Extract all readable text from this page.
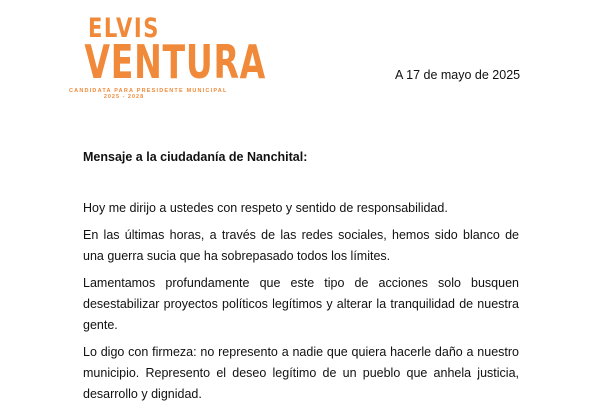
ELVIS
VENTURA
CANDIDATA PARA PRESIDENTE MUNICIPAL
2025 - 2028
A 17 de mayo de 2025
Mensaje a la ciudadanía de Nanchital:

Hoy me dirijo a ustedes con respeto y sentido de responsabilidad.

En las últimas horas, a través de las redes sociales, hemos sido blanco de una guerra sucia que ha sobrepasado todos los límites.

Lamentamos profundamente que este tipo de acciones solo busquen desestabilizar proyectos políticos legítimos y alterar la tranquilidad de nuestra gente.

Lo digo con firmeza: no represento a nadie que quiera hacerle daño a nuestro municipio. Represento el deseo legítimo de un pueblo que anhela justicia, desarrollo y dignidad.
